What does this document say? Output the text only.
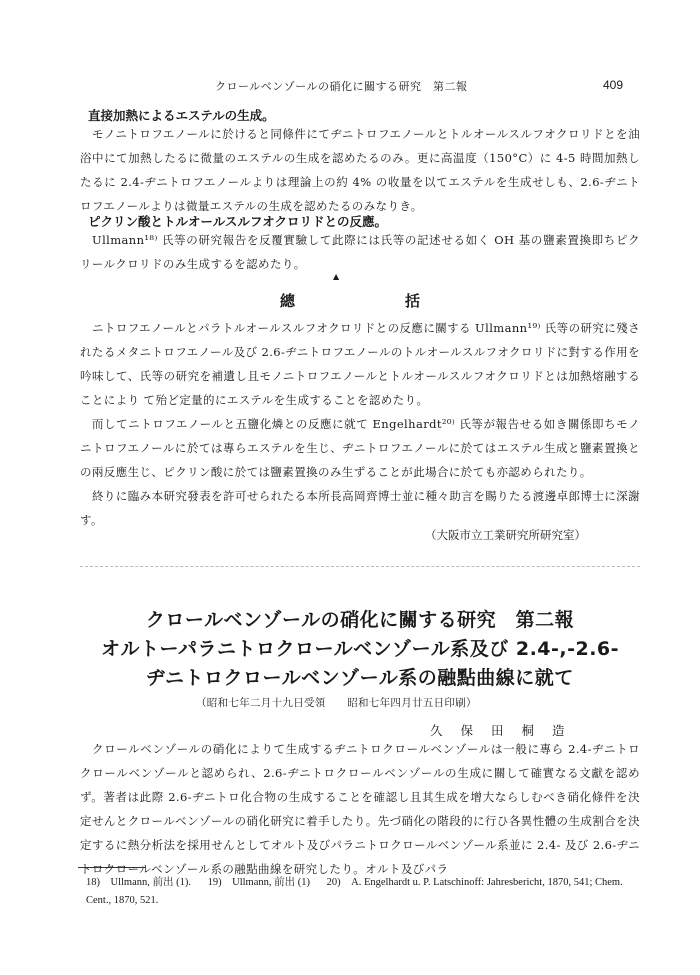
クロールベンゾールの硝化に關する研究　第二報	409
直接加熱によるエステルの生成。

モノニトロフエノールに於けると同條件にてヂニトロフエノールとトルオールスルフオクロリドとを油浴中にて加熱したるに微量のエステルの生成を認めたるのみ。更に高温度（150°C）に 4-5 時間加熱したるに 2.4-ヂニトロフエノールよりは理論上の約 4% の收量を以てエステルを生成せしも、2.6-ヂニトロフエノールよりは微量エステルの生成を認めたるのみなりき。

ピクリン酸とトルオールスルフオクロリドとの反應。

Ullmann¹⁸⁾ 氏等の研究報告を反覆實驗して此際には氏等の記述せる如く OH 基の鹽素置換即ちピクリールクロリドのみ生成するを認めたり。

▲
總	括

ニトロフエノールとパラトルオールスルフオクロリドとの反應に關する Ullmann¹⁹⁾ 氏等の研究に殘されたるメタニトロフエノール及び 2.6-ヂニトロフエノールのトルオールスルフオクロリドに對する作用を吟味して、氏等の研究を補遺し且モノニトロフエノールとトルオールスルフオクロリドとは加熱熔融することにより て殆ど定量的にエステルを生成することを認めたり。

而してニトロフエノールと五鹽化燐との反應に就て Engelhardt²⁰⁾ 氏等が報告せる如き關係即ちモノニトロフエノールに於ては專らエステルを生じ、ヂニトロフエノールに於てはエステル生成と鹽素置換との兩反應生じ、ピクリン酸に於ては鹽素置換のみ生ずることが此場合に於ても亦認められたり。

終りに臨み本研究發表を許可せられたる本所長高岡齊博士並に種々助言を賜りたる渡邊卓郎博士に深謝す。

（大阪市立工業研究所研究室）
クロールベンゾールの硝化に關する研究　第二報
オルトーパラニトロクロールベンゾール系及び 2.4-,-2.6-
ヂニトロクロールベンゾール系の融點曲線に就て
（昭和七年二月十九日受領　　昭和七年四月廿五日印刷）
久保田桐造

クロールベンゾールの硝化によりて生成するヂニトロクロールベンゾールは一般に專ら 2.4-ヂニトロクロールベンゾールと認められ、2.6-ヂニトロクロールベンゾールの生成に關して確實なる文獻を認めず。著者は此際 2.6-ヂニトロ化合物の生成することを確認し且其生成を增大ならしむべき硝化條件を決定せんとクロールベンゾールの硝化研究に着手したり。先づ硝化の階段的に行ひ各異性體の生成割合を決定するに熱分析法を採用せんとしてオルト及びパラニトロクロールベンゾール系並に 2.4- 及び 2.6-ヂニトロクロールベンゾール系の融點曲線を研究したり。オルト及びパラ

18)　Ullmann, 前出 (1). 19)　Ullmann, 前出 (1) 20)　A. Engelhardt u. P. Latschinoff: Jahresbericht, 1870, 541; Chem. Cent., 1870, 521.
